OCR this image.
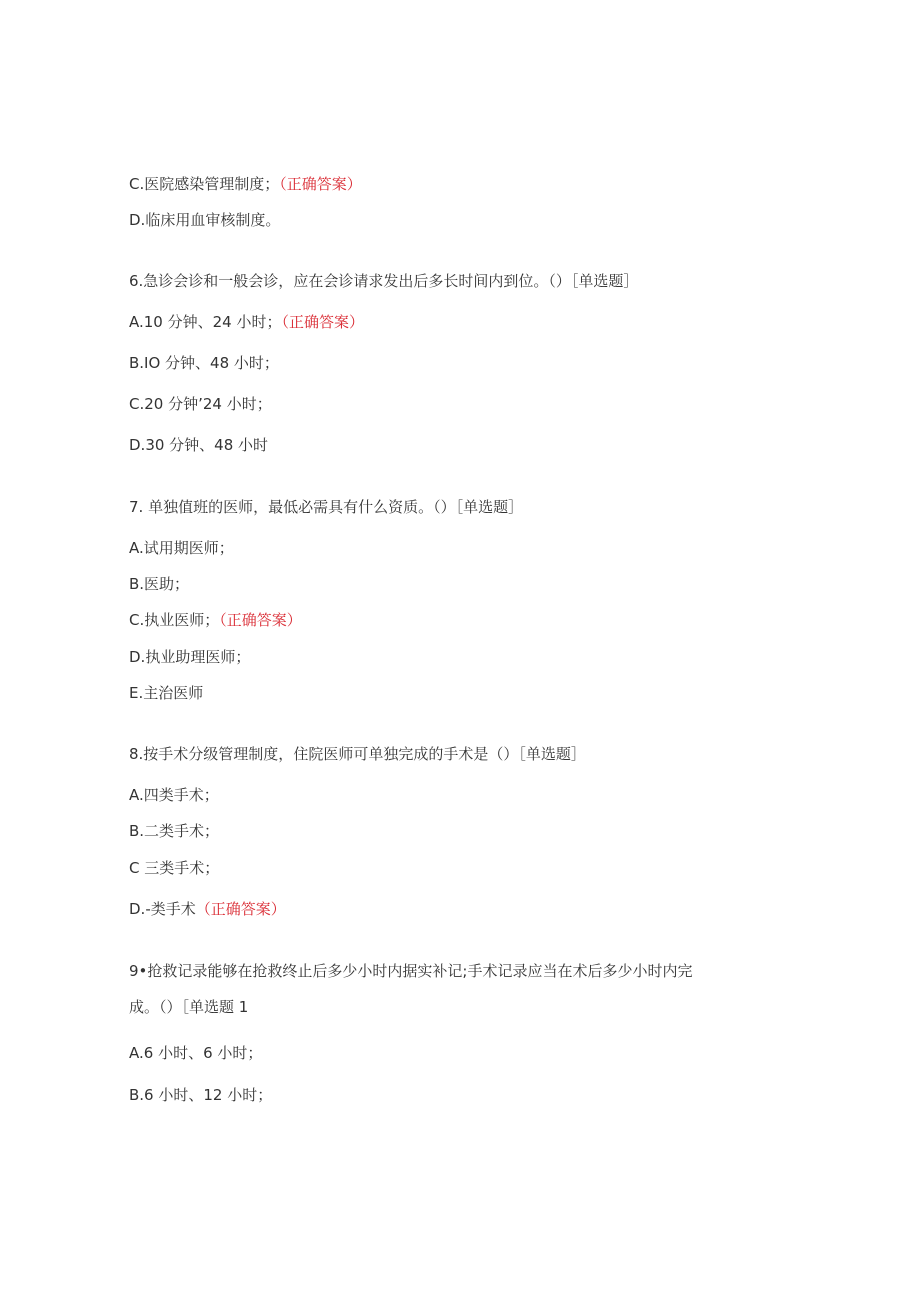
C.医院感染管理制度；（正确答案）
D.临床用血审核制度。
6.急诊会诊和一般会诊，应在会诊请求发出后多长时间内到位。（）［单选题］
A.10 分钟、24 小时；（正确答案）
B.IO 分钟、48 小时；
C.20 分钟’24 小时；
D.30 分钟、48 小时
7. 单独值班的医师，最低必需具有什么资质。（）［单选题］
A.试用期医师；
B.医助；
C.执业医师；（正确答案）
D.执业助理医师；
E.主治医师
8.按手术分级管理制度，住院医师可单独完成的手术是（）［单选题］
A.四类手术；
B.二类手术；
C 三类手术；
D.-类手术（正确答案）
9•抢救记录能够在抢救终止后多少小时内据实补记;手术记录应当在术后多少小时内完
成。（）［单选题 1
A.6 小时、6 小时；
B.6 小时、12 小时；
